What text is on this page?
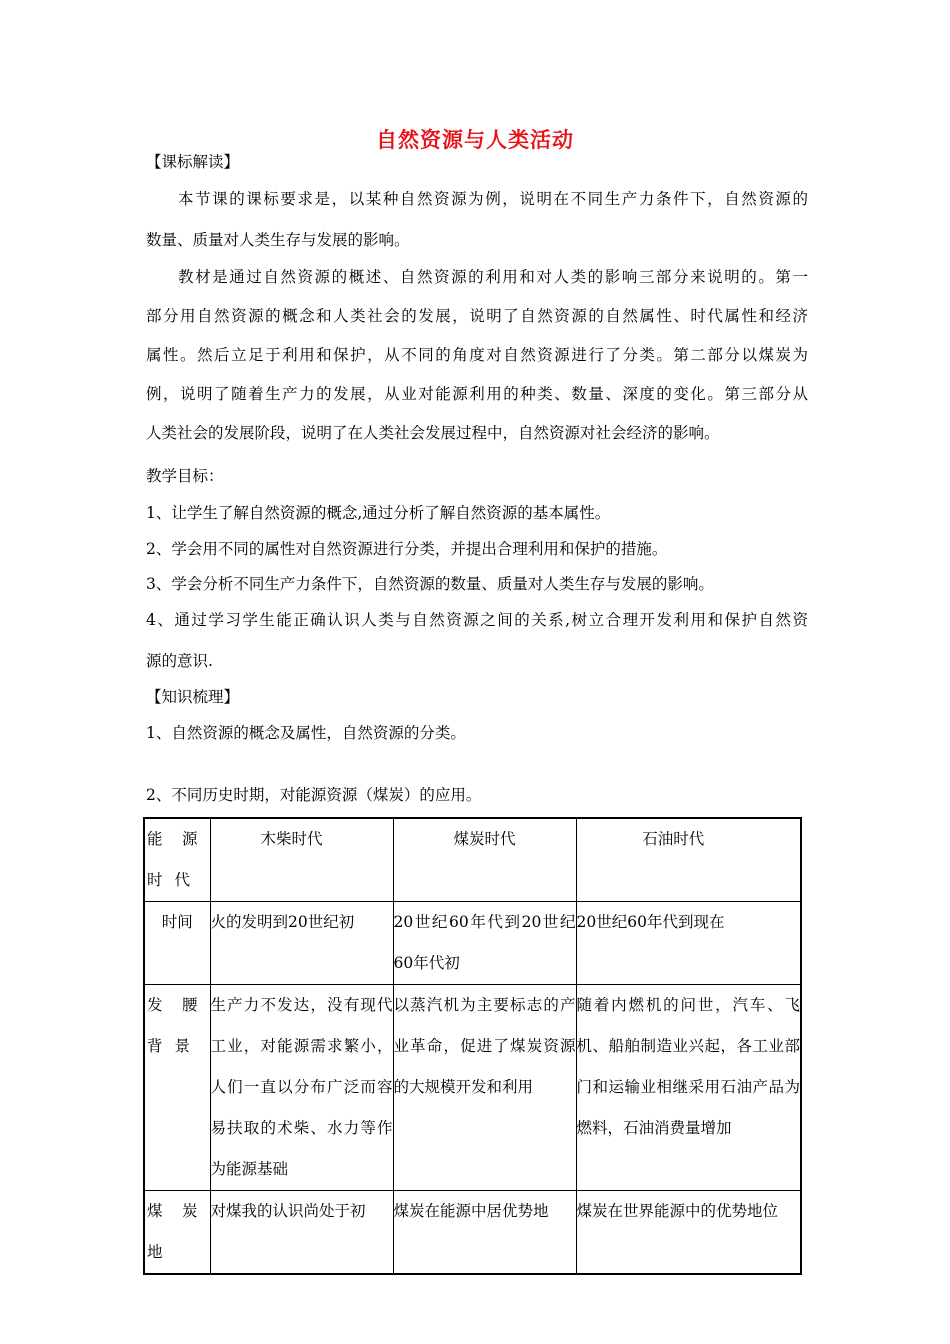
自然资源与人类活动
【课标解读】
本节课的课标要求是，以某种自然资源为例，说明在不同生产力条件下，自然资源的
数量、质量对人类生存与发展的影响。
教材是通过自然资源的概述、自然资源的利用和对人类的影响三部分来说明的。第一
部分用自然资源的概念和人类社会的发展，说明了自然资源的自然属性、时代属性和经济
属性。然后立足于利用和保护，从不同的角度对自然资源进行了分类。第二部分以煤炭为
例，说明了随着生产力的发展，从业对能源利用的种类、数量、深度的变化。第三部分从
人类社会的发展阶段，说明了在人类社会发展过程中，自然资源对社会经济的影响。
教学目标：
1、让学生了解自然资源的概念,通过分析了解自然资源的基本属性。
2、学会用不同的属性对自然资源进行分类，并提出合理利用和保护的措施。
3、学会分析不同生产力条件下，自然资源的数量、质量对人类生存与发展的影响。
4、通过学习学生能正确认识人类与自然资源之间的关系,树立合理开发利用和保护自然资
源的意识.
【知识梳理】
1、自然资源的概念及属性，自然资源的分类。
2、不同历史时期，对能源资源（煤炭）的应用。
能源时代	木柴时代	煤炭时代	石油时代
时间	火的发明到20世纪初	20世纪60年代到20世纪60年代初	20世纪60年代到现在
发腰背景	生产力不发达，没有现代工业，对能源需求繁小，人们一直以分布广泛而容易扶取的术柴、水力等作为能源基础	以蒸汽机为主要标志的产业革命，促进了煤炭资源的大规模开发和利用	随着内燃机的问世，汽车、飞机、船舶制造业兴起，各工业部门和运输业相继采用石油产品为燃料，石油消费量增加
煤炭地	对煤我的认识尚处于初	煤炭在能源中居优势地	煤炭在世界能源中的优势地位
